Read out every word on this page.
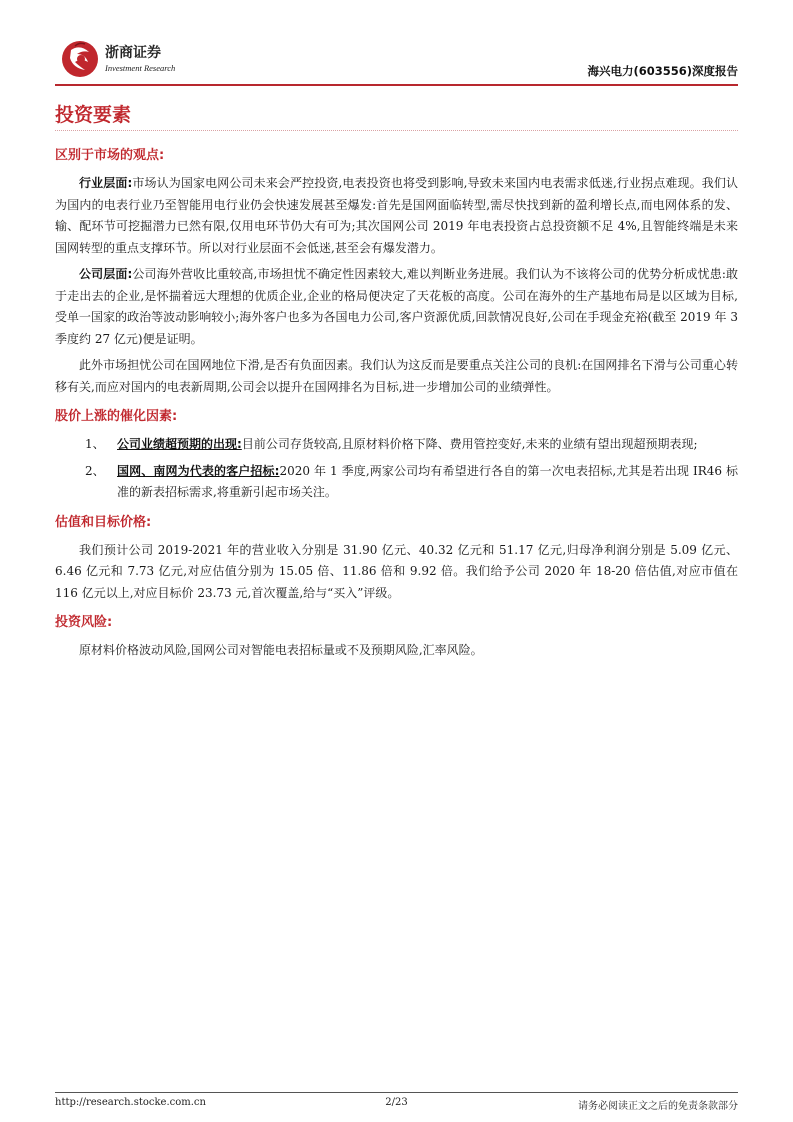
浙商证券
Investment Research	海兴电力(603556)深度报告
投资要素
区别于市场的观点:

行业层面:市场认为国家电网公司未来会严控投资,电表投资也将受到影响,导致未来国内电表需求低迷,行业拐点难现。我们认为国内的电表行业乃至智能用电行业仍会快速发展甚至爆发:首先是国网面临转型,需尽快找到新的盈利增长点,而电网体系的发、输、配环节可挖掘潜力已然有限,仅用电环节仍大有可为;其次国网公司 2019 年电表投资占总投资额不足 4%,且智能终端是未来国网转型的重点支撑环节。所以对行业层面不会低迷,甚至会有爆发潜力。

公司层面:公司海外营收比重较高,市场担忧不确定性因素较大,难以判断业务进展。我们认为不该将公司的优势分析成忧患:敢于走出去的企业,是怀揣着远大理想的优质企业,企业的格局便决定了天花板的高度。公司在海外的生产基地布局是以区域为目标,受单一国家的政治等波动影响较小;海外客户也多为各国电力公司,客户资源优质,回款情况良好,公司在手现金充裕(截至 2019 年 3 季度约 27 亿元)便是证明。

此外市场担忧公司在国网地位下滑,是否有负面因素。我们认为这反而是要重点关注公司的良机:在国网排名下滑与公司重心转移有关,而应对国内的电表新周期,公司会以提升在国网排名为目标,进一步增加公司的业绩弹性。

股价上涨的催化因素:
1、 公司业绩超预期的出现:目前公司存货较高,且原材料价格下降、费用管控变好,未来的业绩有望出现超预期表现;
2、 国网、南网为代表的客户招标:2020 年 1 季度,两家公司均有希望进行各自的第一次电表招标,尤其是若出现 IR46 标准的新表招标需求,将重新引起市场关注。
估值和目标价格:

我们预计公司 2019-2021 年的营业收入分别是 31.90 亿元、40.32 亿元和 51.17 亿元,归母净利润分别是 5.09 亿元、6.46 亿元和 7.73 亿元,对应估值分别为 15.05 倍、11.86 倍和 9.92 倍。我们给予公司 2020 年 18-20 倍估值,对应市值在 116 亿元以上,对应目标价 23.73 元,首次覆盖,给与“买入”评级。

投资风险:

原材料价格波动风险,国网公司对智能电表招标量或不及预期风险,汇率风险。

http://research.stocke.com.cn	2/23	请务必阅读正文之后的免责条款部分
